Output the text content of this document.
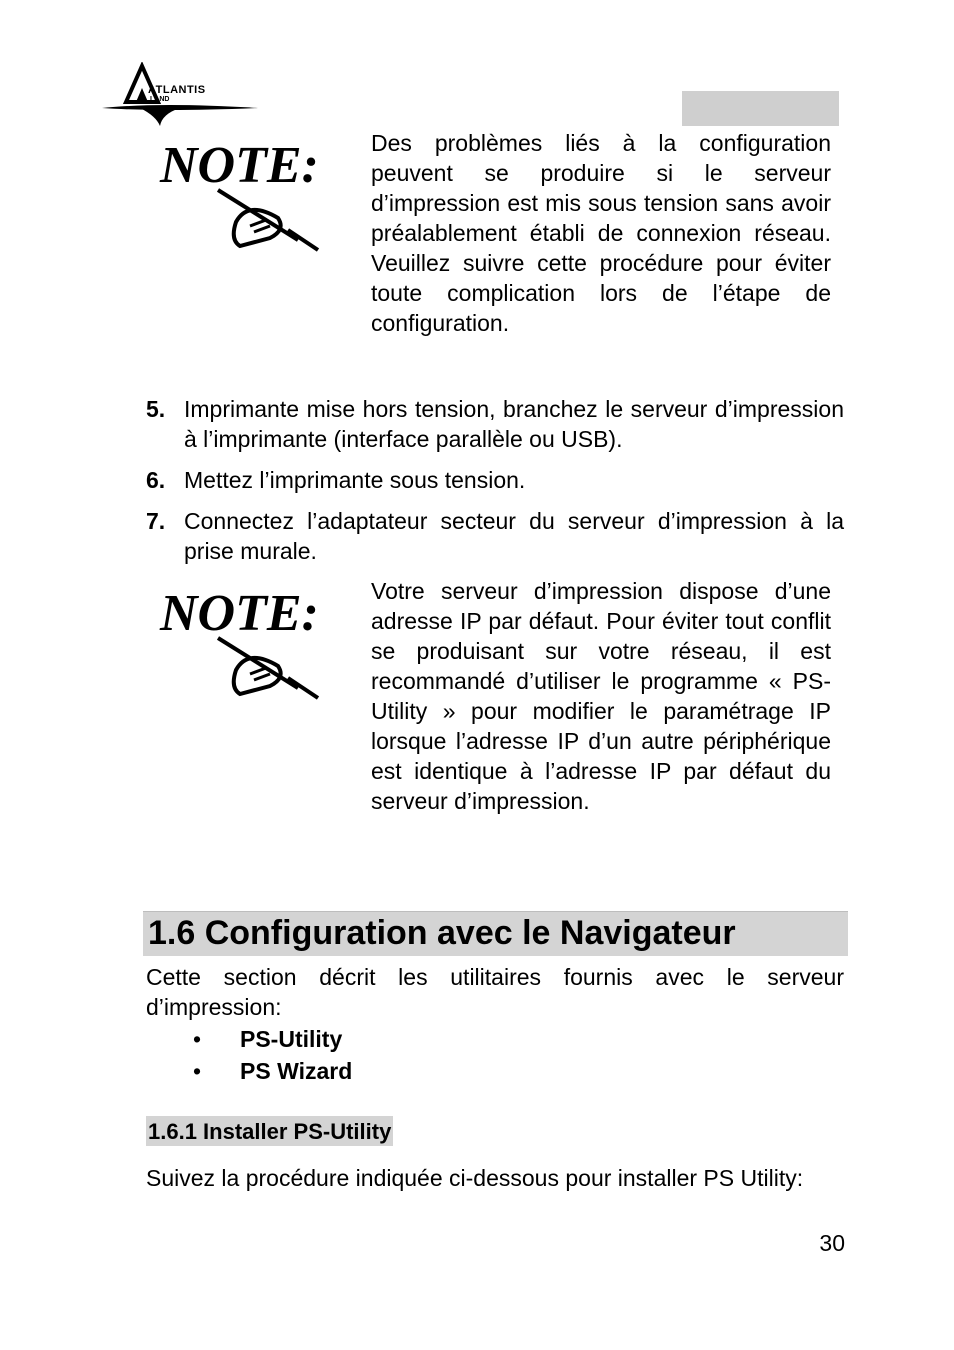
ATLANTIS
LAND
NOTE: Des problèmes liés à la configuration peuvent se produire si le serveur d’impression est mis sous tension sans avoir préalablement établi de connexion réseau. Veuillez suivre cette procédure pour éviter toute complication lors de l’étape de configuration.
5. Imprimante mise hors tension, branchez le serveur d’impression à l’imprimante (interface parallèle ou USB).
6. Mettez l’imprimante sous tension.
7. Connectez l’adaptateur secteur du serveur d’impression à la prise murale.
NOTE: Votre serveur d’impression dispose d’une adresse IP par défaut. Pour éviter tout conflit se produisant sur votre réseau, il est recommandé d’utiliser le programme « PS-Utility » pour modifier le paramétrage IP lorsque l’adresse IP d’un autre périphérique est identique à l’adresse IP par défaut du serveur d’impression.
1.6 Configuration avec le Navigateur
Cette section décrit les utilitaires fournis avec le serveur d’impression:
• PS-Utility
• PS Wizard
1.6.1 Installer PS-Utility
Suivez la procédure indiquée ci-dessous pour installer PS Utility:
30
